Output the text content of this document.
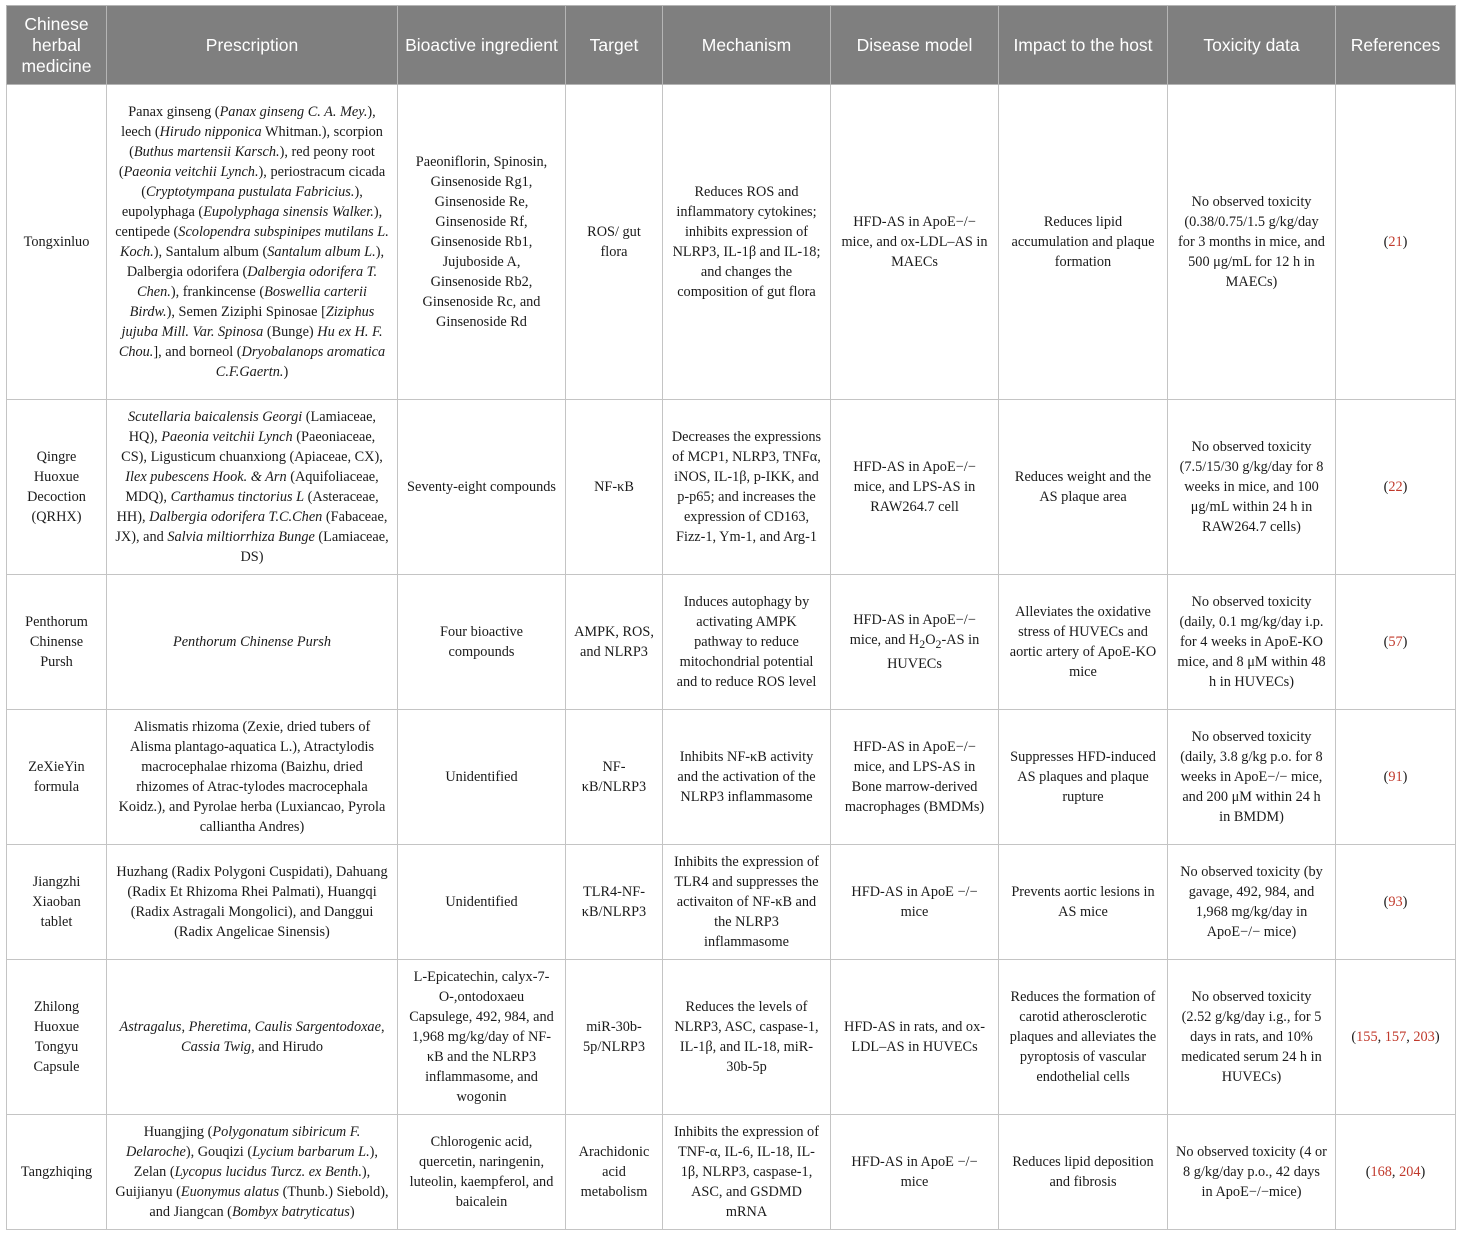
Chinese herbal medicine	Prescription	Bioactive ingredient	Target	Mechanism	Disease model	Impact to the host	Toxicity data	References
Tongxinluo	Panax ginseng (Panax ginseng C. A. Mey.), leech (Hirudo nipponica Whitman.), scorpion (Buthus martensii Karsch.), red peony root (Paeonia veitchii Lynch.), periostracum cicada (Cryptotympana pustulata Fabricius.), eupolyphaga (Eupolyphaga sinensis Walker.), centipede (Scolopendra subspinipes mutilans L. Koch.), Santalum album (Santalum album L.), Dalbergia odorifera (Dalbergia odorifera T. Chen.), frankincense (Boswellia carterii Birdw.), Semen Ziziphi Spinosae [Ziziphus jujuba Mill. Var. Spinosa (Bunge) Hu ex H. F. Chou.], and borneol (Dryobalanops aromatica C.F.Gaertn.)	Paeoniflorin, Spinosin, Ginsenoside Rg1, Ginsenoside Re, Ginsenoside Rf, Ginsenoside Rb1, Jujuboside A, Ginsenoside Rb2, Ginsenoside Rc, and Ginsenoside Rd	ROS/ gut flora	Reduces ROS and inflammatory cytokines; inhibits expression of NLRP3, IL-1β and IL-18; and changes the composition of gut flora	HFD-AS in ApoE−/− mice, and ox-LDL–AS in MAECs	Reduces lipid accumulation and plaque formation	No observed toxicity (0.38/0.75/1.5 g/kg/day for 3 months in mice, and 500 μg/mL for 12 h in MAECs)	(21)
Qingre Huoxue Decoction (QRHX)	Scutellaria baicalensis Georgi (Lamiaceae, HQ), Paeonia veitchii Lynch (Paeoniaceae, CS), Ligusticum chuanxiong (Apiaceae, CX), Ilex pubescens Hook. & Arn (Aquifoliaceae, MDQ), Carthamus tinctorius L (Asteraceae, HH), Dalbergia odorifera T.C.Chen (Fabaceae, JX), and Salvia miltiorrhiza Bunge (Lamiaceae, DS)	Seventy-eight compounds	NF-κB	Decreases the expressions of MCP1, NLRP3, TNFα, iNOS, IL-1β, p-IKK, and p-p65; and increases the expression of CD163, Fizz-1, Ym-1, and Arg-1	HFD-AS in ApoE−/− mice, and LPS-AS in RAW264.7 cell	Reduces weight and the AS plaque area	No observed toxicity (7.5/15/30 g/kg/day for 8 weeks in mice, and 100 μg/mL within 24 h in RAW264.7 cells)	(22)
Penthorum Chinense Pursh	Penthorum Chinense Pursh	Four bioactive compounds	AMPK, ROS, and NLRP3	Induces autophagy by activating AMPK pathway to reduce mitochondrial potential and to reduce ROS level	HFD-AS in ApoE−/− mice, and $H_2O_2-AS$ in HUVECs	Alleviates the oxidative stress of HUVECs and aortic artery of ApoE-KO mice	No observed toxicity (daily, 0.1 mg/kg/day i.p. for 4 weeks in ApoE-KO mice, and 8 μM within 48 h in HUVECs)	(57)
ZeXieYin formula	Alismatis rhizoma (Zexie, dried tubers of Alisma plantago-aquatica L.), Atractylodis macrocephalae rhizoma (Baizhu, dried rhizomes of Atrac-tylodes macrocephala Koidz.), and Pyrolae herba (Luxiancao, Pyrola calliantha Andres)	Unidentified	NF-κB/NLRP3	Inhibits NF-κB activity and the activation of the NLRP3 inflammasome	HFD-AS in ApoE−/− mice, and LPS-AS in Bone marrow-derived macrophages (BMDMs)	Suppresses HFD-induced AS plaques and plaque rupture	No observed toxicity (daily, 3.8 g/kg p.o. for 8 weeks in ApoE−/− mice, and 200 μM within 24 h in BMDM)	(91)
Jiangzhi Xiaoban tablet	Huzhang (Radix Polygoni Cuspidati), Dahuang (Radix Et Rhizoma Rhei Palmati), Huangqi (Radix Astragali Mongolici), and Danggui (Radix Angelicae Sinensis)	Unidentified	TLR4-NF-κB/NLRP3	Inhibits the expression of TLR4 and suppresses the activaiton of NF-κB and the NLRP3 inflammasome	HFD-AS in ApoE −/− mice	Prevents aortic lesions in AS mice	No observed toxicity (by gavage, 492, 984, and 1,968 mg/kg/day in ApoE−/− mice)	(93)
Zhilong Huoxue Tongyu Capsule	Astragalus, Pheretima, Caulis Sargentodoxae, Cassia Twig, and Hirudo	L-Epicatechin, calyx-7-O-,ontodoxaeu Capsulege, 492, 984, and 1,968 mg/kg/day of NF-κB and the NLRP3 inflammasome, and wogonin	miR-30b-5p/NLRP3	Reduces the levels of NLRP3, ASC, caspase-1, IL-1β, and IL-18, miR-30b-5p	HFD-AS in rats, and ox-LDL–AS in HUVECs	Reduces the formation of carotid atherosclerotic plaques and alleviates the pyroptosis of vascular endothelial cells	No observed toxicity (2.52 g/kg/day i.g., for 5 days in rats, and 10% medicated serum 24 h in HUVECs)	(155, 157, 203)
Tangzhiqing	Huangjing (Polygonatum sibiricum F. Delaroche), Gouqizi (Lycium barbarum L.), Zelan (Lycopus lucidus Turcz. ex Benth.), Guijianyu (Euonymus alatus (Thunb.) Siebold), and Jiangcan (Bombyx batryticatus)	Chlorogenic acid, quercetin, naringenin, luteolin, kaempferol, and baicalein	Arachidonic acid metabolism	Inhibits the expression of TNF-α, IL-6, IL-18, IL-1β, NLRP3, caspase-1, ASC, and GSDMD mRNA	HFD-AS in ApoE −/− mice	Reduces lipid deposition and fibrosis	No observed toxicity (4 or 8 g/kg/day p.o., 42 days in ApoE−/−mice)	(168, 204)
